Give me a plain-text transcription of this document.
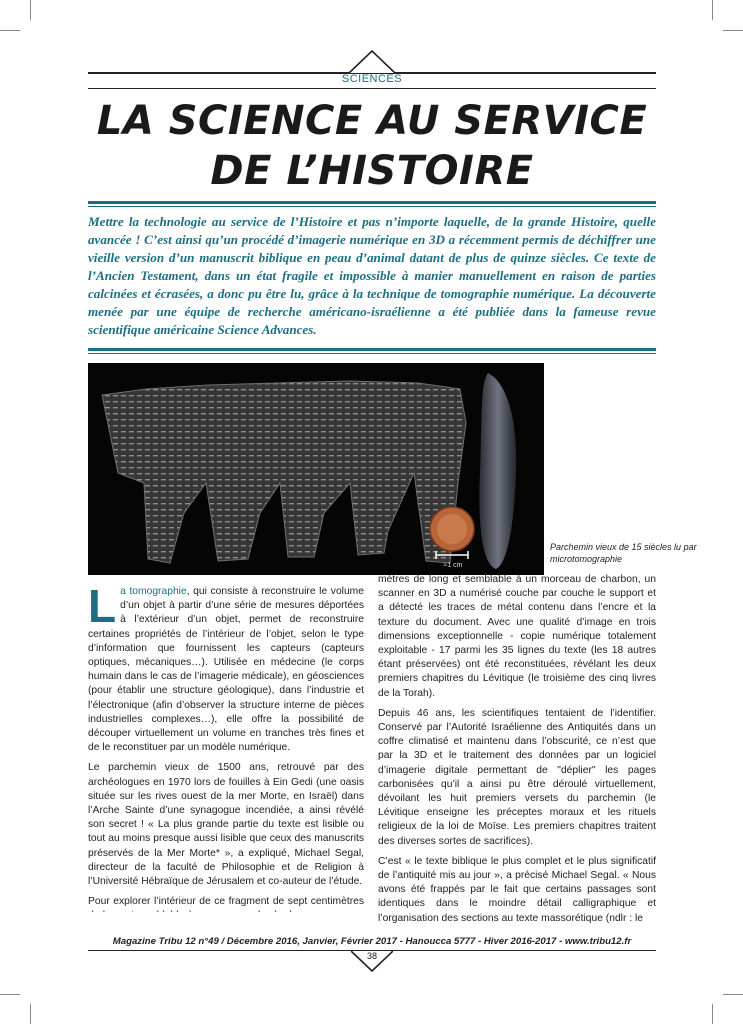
SCIENCES
LA SCIENCE AU SERVICE
DE L’HISTOIRE
Mettre la technologie au service de l’Histoire et pas n’importe laquelle, de la grande Histoire, quelle avancée ! C’est ainsi qu’un procédé d’imagerie numérique en 3D a récemment permis de déchiffrer une vieille version d’un manuscrit biblique en peau d’animal datant de plus de quinze siècles. Ce texte de l’Ancien Testament, dans un état fragile et impossible à manier manuellement en raison de parties calcinées et écrasées, a donc pu être lu, grâce à la technique de tomographie numérique. La découverte menée par une équipe de recherche américano-israélienne a été publiée dans la fameuse revue scientifique américaine Science Advances.
≈1 cm
Parchemin vieux de 15 siècles lu par microtomographie

La tomographie, qui consiste à reconstruire le volume d’un objet à partir d’une série de mesures déportées à l’extérieur d’un objet, permet de reconstruire certaines propriétés de l’intérieur de l’objet, selon le type d’information que fournissent les capteurs (capteurs optiques, mécaniques…). Utilisée en médecine (le corps humain dans le cas de l’imagerie médicale), en géosciences (pour établir une structure géologique), dans l’industrie et l’électronique (afin d’observer la structure interne de pièces industrielles complexes…), elle offre la possibilité de découper virtuellement un volume en tranches très fines et de le reconstituer par un modèle numérique.

Le parchemin vieux de 1500 ans, retrouvé par des archéologues en 1970 lors de fouilles à Ein Gedi (une oasis située sur les rives ouest de la mer Morte, en Israël) dans l’Arche Sainte d’une synagogue incendiée, a ainsi révélé son secret ! « La plus grande partie du texte est lisible ou tout au moins presque aussi lisible que ceux des manuscrits préservés de la Mer Morte* », a expliqué, Michael Segal, directeur de la faculté de Philosophie et de Religion à l’Université Hébraïque de Jérusalem et co-auteur de l’étude.

Pour explorer l’intérieur de ce fragment de sept centimètres

mètres de long et semblable à un morceau de charbon, un scanner en 3D a numérisé couche par couche le support et a détecté les traces de métal contenu dans l’encre et la texture du document. Avec une qualité d’image en trois dimensions exceptionnelle - copie numérique totalement exploitable - 17 parmi les 35 lignes du texte (les 18 autres étant préservées) ont été reconstituées, révélant les deux premiers chapitres du Lévitique (le troisième des cinq livres de la Torah).

Depuis 46 ans, les scientifiques tentaient de l’identifier. Conservé par l’Autorité Israélienne des Antiquités dans un coffre climatisé et maintenu dans l’obscurité, ce n’est que par la 3D et le traitement des données par un logiciel d’imagerie digitale permettant de "déplier" les pages carbonisées qu’il a ainsi pu être déroulé virtuellement, dévoilant les huit premiers versets du parchemin (le Lévitique enseigne les préceptes moraux et les rituels religieux de la loi de Moïse. Les premiers chapitres traitent des diverses sortes de sacrifices).

C’est « le texte biblique le plus complet et le plus significatif de l’antiquité mis au jour », a précisé Michael Segal. « Nous avons été frappés par le fait que certains passages sont identiques dans le moindre détail calligraphique et l’organisation des sections au texte massorétique (ndlr : le

Magazine Tribu 12 n°49 / Décembre 2016, Janvier, Février 2017 - Hanoucca 5777 - Hiver 2016-2017 - www.tribu12.fr
38
